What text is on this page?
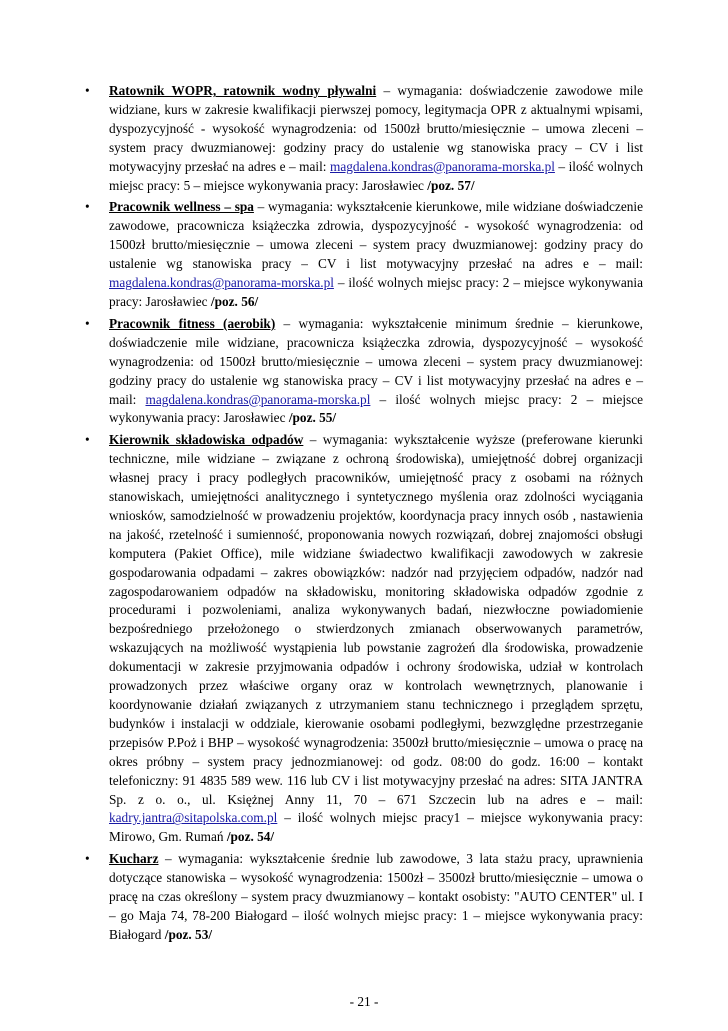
• Ratownik WOPR, ratownik wodny pływalni – wymagania: doświadczenie zawodowe mile widziane, kurs w zakresie kwalifikacji pierwszej pomocy, legitymacja OPR z aktualnymi wpisami, dyspozycyjność - wysokość wynagrodzenia: od 1500zł brutto/miesięcznie – umowa zleceni – system pracy dwuzmianowej: godziny pracy do ustalenie wg stanowiska pracy – CV i list motywacyjny przesłać na adres e – mail: magdalena.kondras@panorama-morska.pl – ilość wolnych miejsc pracy: 5 – miejsce wykonywania pracy: Jarosławiec /poz. 57/
• Pracownik wellness – spa – wymagania: wykształcenie kierunkowe, mile widziane doświadczenie zawodowe, pracownicza książeczka zdrowia, dyspozycyjność - wysokość wynagrodzenia: od 1500zł brutto/miesięcznie – umowa zleceni – system pracy dwuzmianowej: godziny pracy do ustalenie wg stanowiska pracy – CV i list motywacyjny przesłać na adres e – mail: magdalena.kondras@panorama-morska.pl – ilość wolnych miejsc pracy: 2 – miejsce wykonywania pracy: Jarosławiec /poz. 56/
• Pracownik fitness (aerobik) – wymagania: wykształcenie minimum średnie – kierunkowe, doświadczenie mile widziane, pracownicza książeczka zdrowia, dyspozycyjność – wysokość wynagrodzenia: od 1500zł brutto/miesięcznie – umowa zleceni – system pracy dwuzmianowej: godziny pracy do ustalenie wg stanowiska pracy – CV i list motywacyjny przesłać na adres e – mail: magdalena.kondras@panorama-morska.pl – ilość wolnych miejsc pracy: 2 – miejsce wykonywania pracy: Jarosławiec /poz. 55/
• Kierownik składowiska odpadów – wymagania: wykształcenie wyższe (preferowane kierunki techniczne, mile widziane – związane z ochroną środowiska), umiejętność dobrej organizacji własnej pracy i pracy podległych pracowników, umiejętność pracy z osobami na różnych stanowiskach, umiejętności analitycznego i syntetycznego myślenia oraz zdolności wyciągania wniosków, samodzielność w prowadzeniu projektów, koordynacja pracy innych osób , nastawienia na jakość, rzetelność i sumienność, proponowania nowych rozwiązań, dobrej znajomości obsługi komputera (Pakiet Office), mile widziane świadectwo kwalifikacji zawodowych w zakresie gospodarowania odpadami – zakres obowiązków: nadzór nad przyjęciem odpadów, nadzór nad zagospodarowaniem odpadów na składowisku, monitoring składowiska odpadów zgodnie z procedurami i pozwoleniami, analiza wykonywanych badań, niezwłoczne powiadomienie bezpośredniego przełożonego o stwierdzonych zmianach obserwowanych parametrów, wskazujących na możliwość wystąpienia lub powstanie zagrożeń dla środowiska, prowadzenie dokumentacji w zakresie przyjmowania odpadów i ochrony środowiska, udział w kontrolach prowadzonych przez właściwe organy oraz w kontrolach wewnętrznych, planowanie i koordynowanie działań związanych z utrzymaniem stanu technicznego i przeglądem sprzętu, budynków i instalacji w oddziale, kierowanie osobami podległymi, bezwzględne przestrzeganie przepisów P.Poż i BHP – wysokość wynagrodzenia: 3500zł brutto/miesięcznie – umowa o pracę na okres próbny – system pracy jednozmianowej: od godz. 08:00 do godz. 16:00 – kontakt telefoniczny: 91 4835 589 wew. 116 lub CV i list motywacyjny przesłać na adres: SITA JANTRA Sp. z o. o., ul. Księżnej Anny 11, 70 – 671 Szczecin lub na adres e – mail: kadry.jantra@sitapolska.com.pl – ilość wolnych miejsc pracy1 – miejsce wykonywania pracy: Mirowo, Gm. Rumań /poz. 54/
• Kucharz – wymagania: wykształcenie średnie lub zawodowe, 3 lata stażu pracy, uprawnienia dotyczące stanowiska – wysokość wynagrodzenia: 1500zł – 3500zł brutto/miesięcznie – umowa o pracę na czas określony – system pracy dwuzmianowy – kontakt osobisty: "AUTO CENTER" ul. I – go Maja 74, 78-200 Białogard – ilość wolnych miejsc pracy: 1 – miejsce wykonywania pracy: Białogard /poz. 53/
- 21 -
